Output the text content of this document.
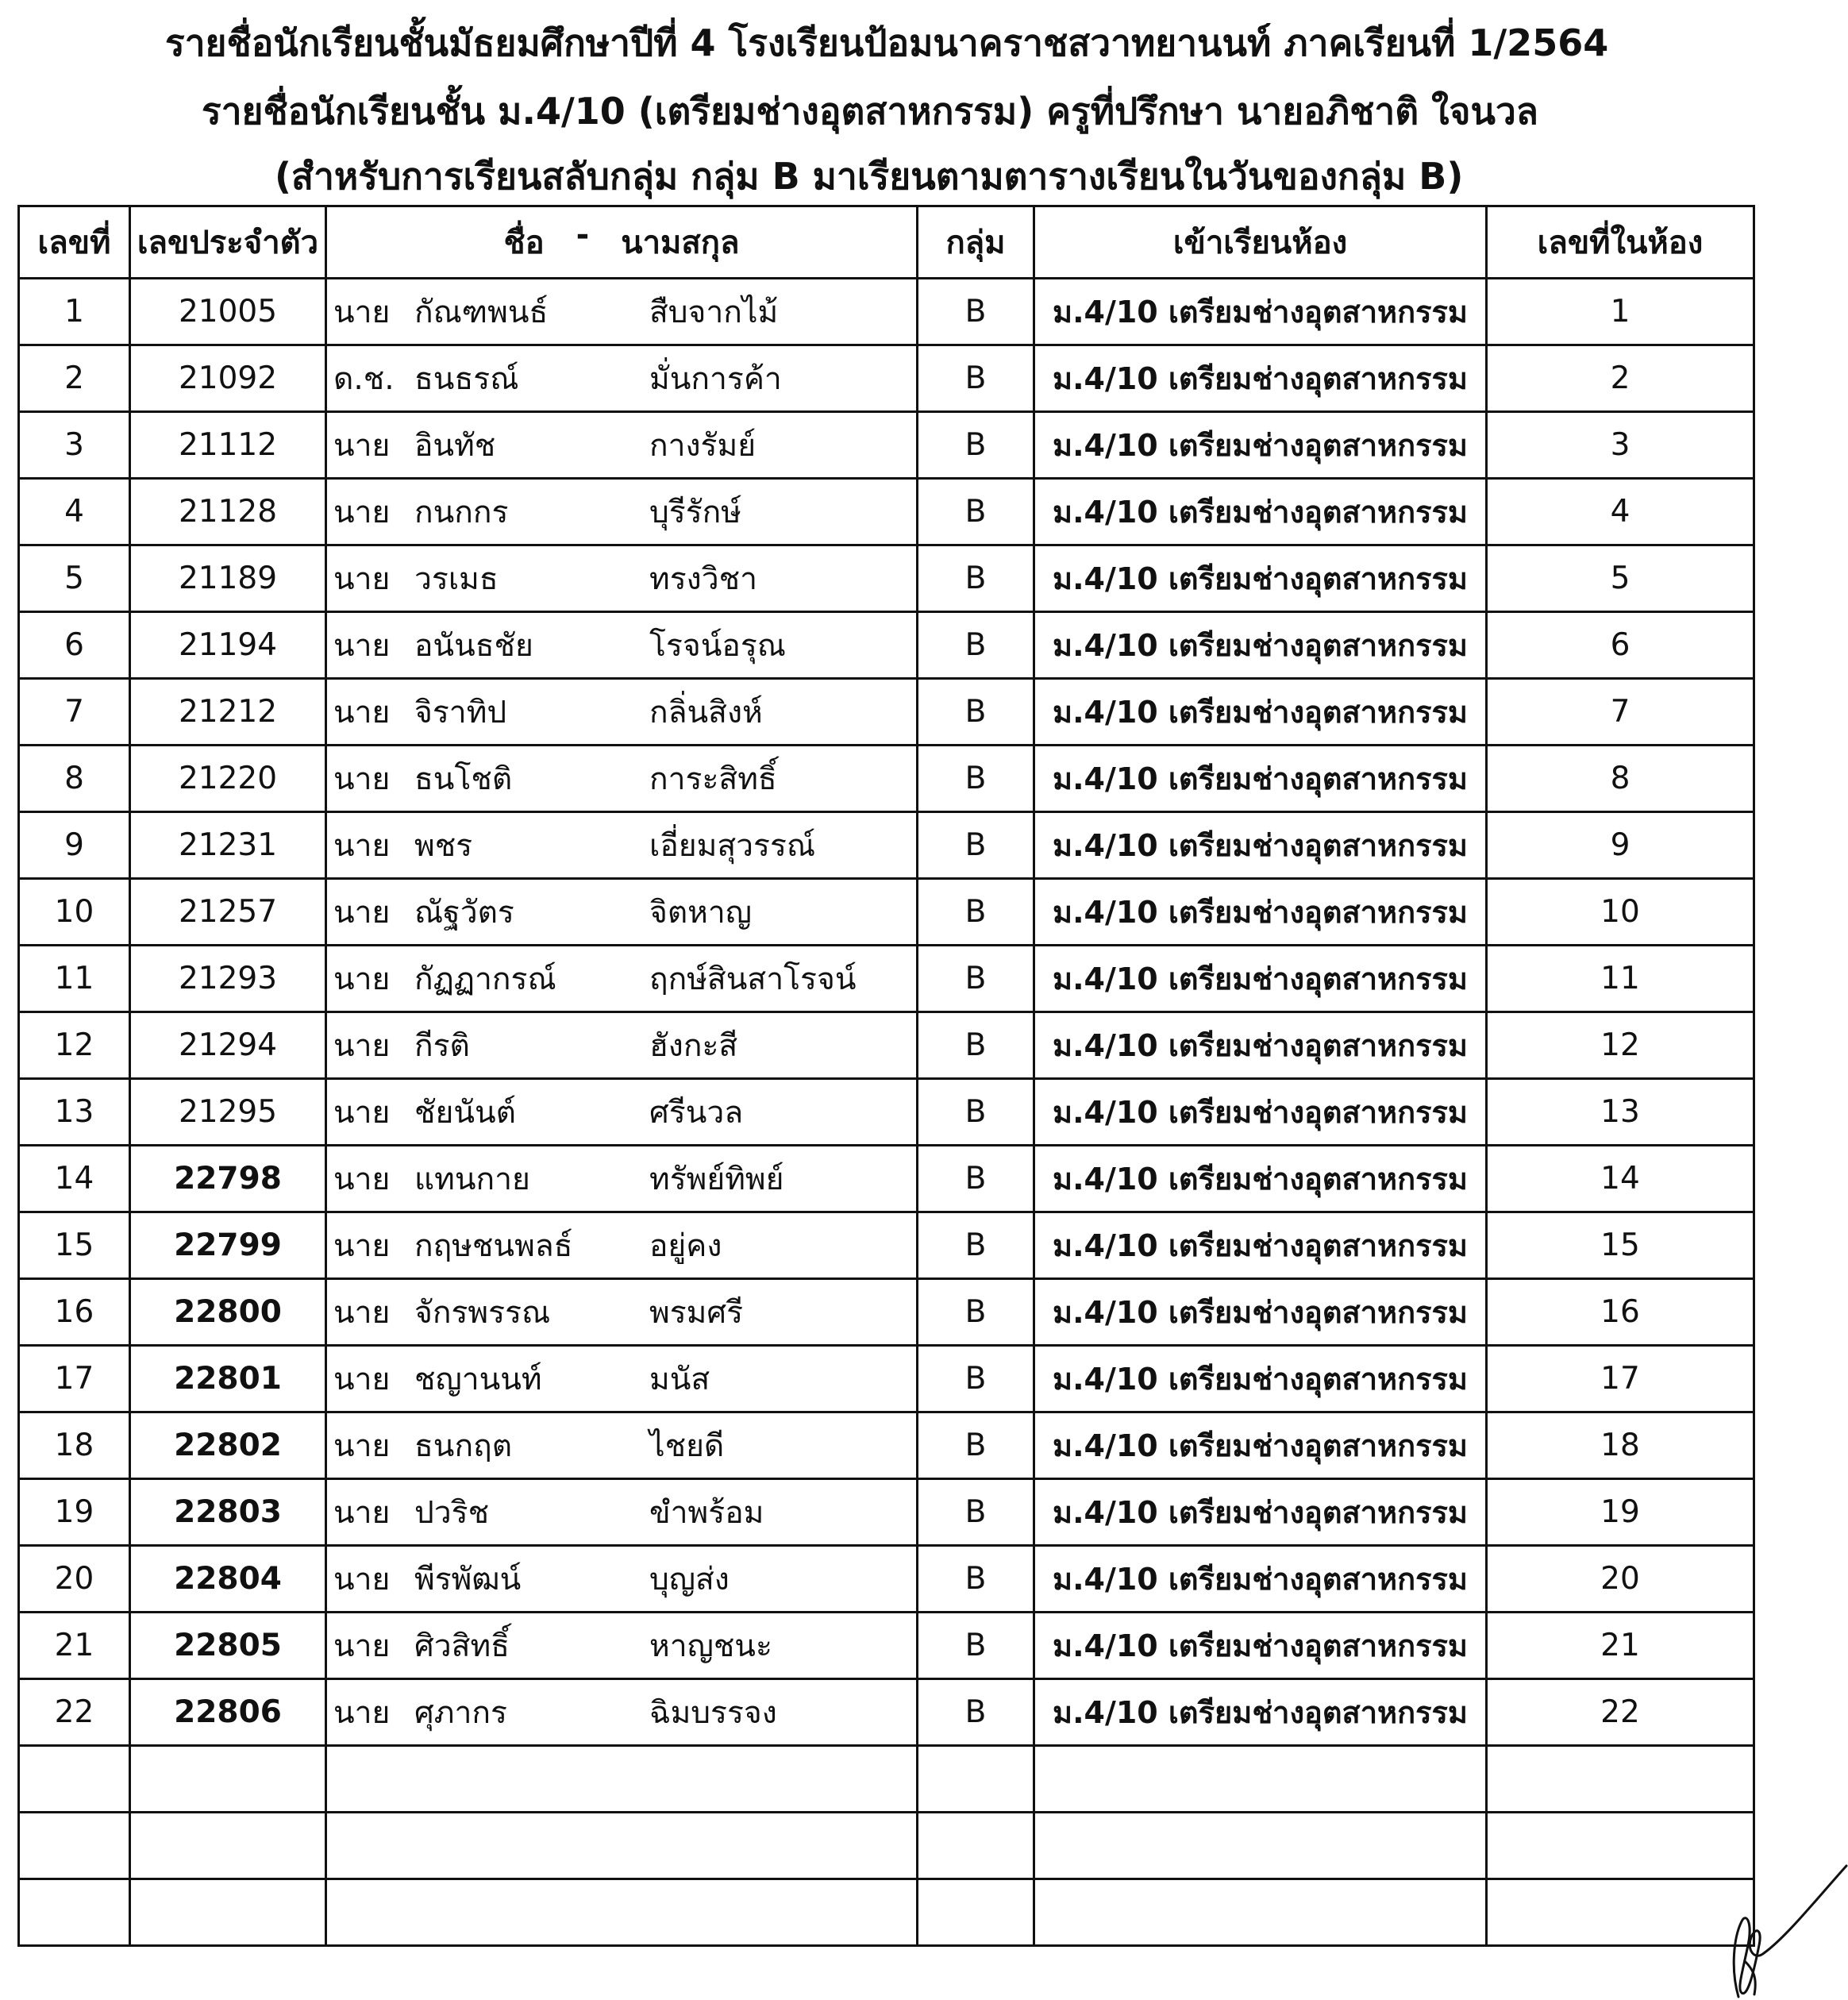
รายชื่อนักเรียนชั้นมัธยมศึกษาปีที่ 4 โรงเรียนป้อมนาคราชสวาทยานนท์ ภาคเรียนที่ 1/2564
รายชื่อนักเรียนชั้น ม.4/10 (เตรียมช่างอุตสาหกรรม) ครูที่ปรึกษา นายอภิชาติ ใจนวล
(สำหรับการเรียนสลับกลุ่ม กลุ่ม B มาเรียนตามตารางเรียนในวันของกลุ่ม B)
เลขที่	เลขประจำตัว	ชื่อ - นามสกุล	กลุ่ม	เข้าเรียนห้อง	เลขที่ในห้อง
1	21005	นาย กัณฑพนธ์ สืบจากไม้	B	ม.4/10 เตรียมช่างอุตสาหกรรม	1
2	21092	ด.ช. ธนธรณ์ มั่นการค้า	B	ม.4/10 เตรียมช่างอุตสาหกรรม	2
3	21112	นาย อินทัช กางรัมย์	B	ม.4/10 เตรียมช่างอุตสาหกรรม	3
4	21128	นาย กนกกร บุรีรักษ์	B	ม.4/10 เตรียมช่างอุตสาหกรรม	4
5	21189	นาย วรเมธ ทรงวิชา	B	ม.4/10 เตรียมช่างอุตสาหกรรม	5
6	21194	นาย อนันธชัย โรจน์อรุณ	B	ม.4/10 เตรียมช่างอุตสาหกรรม	6
7	21212	นาย จิราทิป กลิ่นสิงห์	B	ม.4/10 เตรียมช่างอุตสาหกรรม	7
8	21220	นาย ธนโชติ การะสิทธิ์	B	ม.4/10 เตรียมช่างอุตสาหกรรม	8
9	21231	นาย พชร เอี่ยมสุวรรณ์	B	ม.4/10 เตรียมช่างอุตสาหกรรม	9
10	21257	นาย ณัฐวัตร จิตหาญ	B	ม.4/10 เตรียมช่างอุตสาหกรรม	10
11	21293	นาย กัฏฏากรณ์ ฤกษ์สินสาโรจน์	B	ม.4/10 เตรียมช่างอุตสาหกรรม	11
12	21294	นาย กีรติ ฮังกะสี	B	ม.4/10 เตรียมช่างอุตสาหกรรม	12
13	21295	นาย ชัยนันต์ ศรีนวล	B	ม.4/10 เตรียมช่างอุตสาหกรรม	13
14	22798	นาย แทนกาย ทรัพย์ทิพย์	B	ม.4/10 เตรียมช่างอุตสาหกรรม	14
15	22799	นาย กฤษชนพลธ์ อยู่คง	B	ม.4/10 เตรียมช่างอุตสาหกรรม	15
16	22800	นาย จักรพรรณ พรมศรี	B	ม.4/10 เตรียมช่างอุตสาหกรรม	16
17	22801	นาย ชญานนท์ มนัส	B	ม.4/10 เตรียมช่างอุตสาหกรรม	17
18	22802	นาย ธนกฤต ไชยดี	B	ม.4/10 เตรียมช่างอุตสาหกรรม	18
19	22803	นาย ปวริช ขำพร้อม	B	ม.4/10 เตรียมช่างอุตสาหกรรม	19
20	22804	นาย พีรพัฒน์ บุญส่ง	B	ม.4/10 เตรียมช่างอุตสาหกรรม	20
21	22805	นาย ศิวสิทธิ์ หาญชนะ	B	ม.4/10 เตรียมช่างอุตสาหกรรม	21
22	22806	นาย ศุภากร ฉิมบรรจง	B	ม.4/10 เตรียมช่างอุตสาหกรรม	22
